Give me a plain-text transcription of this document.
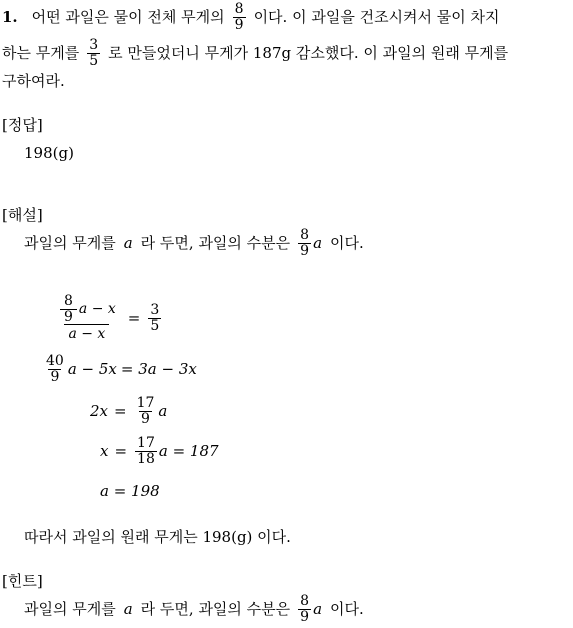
1. 어떤 과일은 물이 전체 무게의 $\frac{8}{9}$ 이다. 이 과일을 건조시켜서 물이 차지
하는 무게를 $\frac{3}{5}$ 로 만들었더니 무게가 187g 감소했다. 이 과일의 원래 무게를
구하여라.
[정답]
198(g)
[해설]
과일의 무게를 a 라 두면, 과일의 수분은 $\frac{8}{9}$ a 이다.
$\frac{\frac{8}{9} a - x}{a - x} = \frac{3}{5}$
$\frac{40}{9}$ a − 5x = 3a − 3x
$2x = \frac{17}{9}$ a
$x = \frac{17}{18}$ a = 187
a = 198
따라서 과일의 원래 무게는 198(g) 이다.
[힌트]
과일의 무게를 a 라 두면, 과일의 수분은 $\frac{8}{9}$ a 이다.
